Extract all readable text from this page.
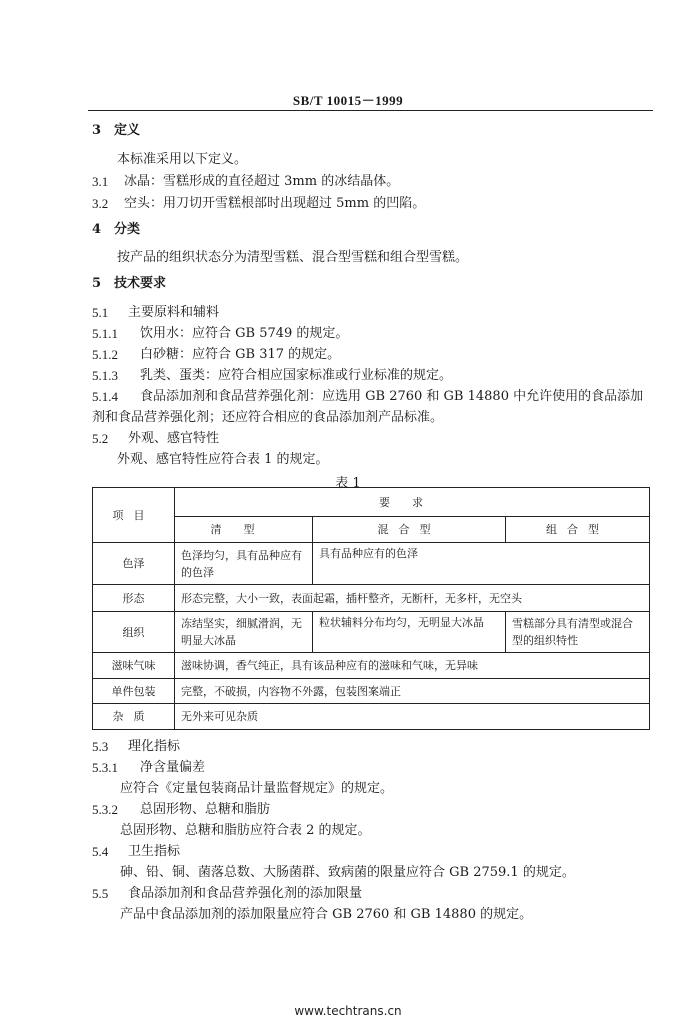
SB/T 10015－1999
3 定义
本标准采用以下定义。
3.1 冰晶：雪糕形成的直径超过 3mm 的冰结晶体。
3.2 空头：用刀切开雪糕根部时出现超过 5mm 的凹陷。
4 分类
按产品的组织状态分为清型雪糕、混合型雪糕和组合型雪糕。
5 技术要求
5.1 主要原料和辅料
5.1.1 饮用水：应符合 GB 5749 的规定。
5.1.2 白砂糖：应符合 GB 317 的规定。
5.1.3 乳类、蛋类：应符合相应国家标准或行业标准的规定。
5.1.4 食品添加剂和食品营养强化剂：应选用 GB 2760 和 GB 14880 中允许使用的食品添加
剂和食品营养强化剂；还应符合相应的食品添加剂产品标准。
5.2 外观、感官特性
外观、感官特性应符合表 1 的规定。
表 1
项目	要求		
	清型	混合型	组合型
色泽	色泽均匀，具有品种应有的色泽	具有品种应有的色泽	
形态	形态完整，大小一致，表面起霜，插杆整齐，无断杆，无多杆，无空头		
组织	冻结坚实，细腻滑润，无明显大冰晶	粒状辅料分布均匀，无明显大冰晶	雪糕部分具有清型或混合型的组织特性
滋味气味	滋味协调，香气纯正，具有该品种应有的滋味和气味，无异味		
单件包装	完整，不破损，内容物不外露，包装图案端正		
杂质	无外来可见杂质		
5.3 理化指标
5.3.1 净含量偏差
应符合《定量包装商品计量监督规定》的规定。
5.3.2 总固形物、总糖和脂肪
总固形物、总糖和脂肪应符合表 2 的规定。
5.4 卫生指标
砷、铅、铜、菌落总数、大肠菌群、致病菌的限量应符合 GB 2759.1 的规定。
5.5 食品添加剂和食品营养强化剂的添加限量
产品中食品添加剂的添加限量应符合 GB 2760 和 GB 14880 的规定。
www.techtrans.cn
